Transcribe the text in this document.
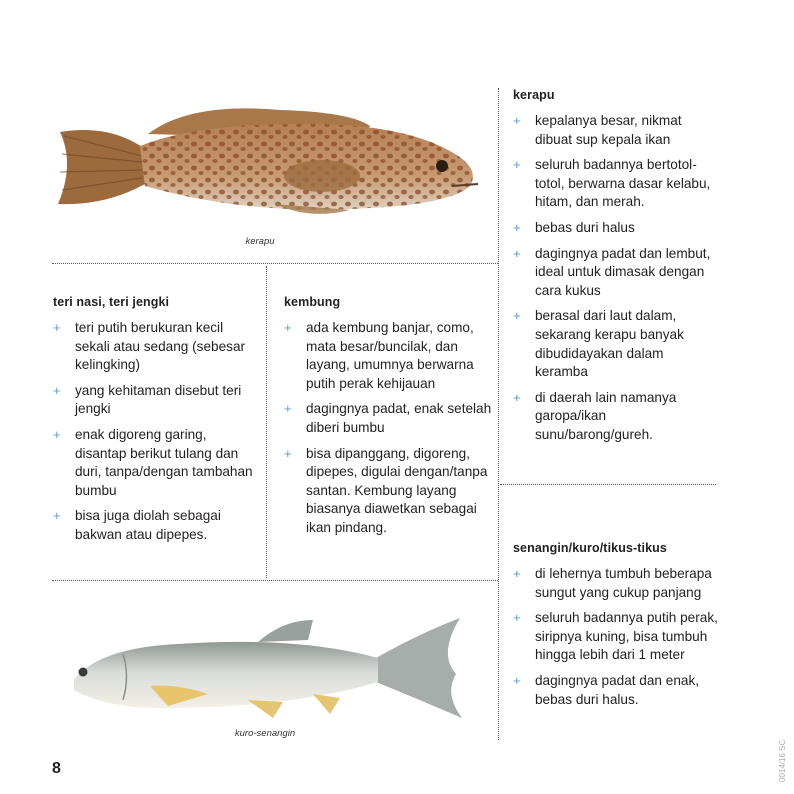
kerapu
kuro-senangin
kerapu
+ kepalanya besar, nikmat dibuat sup kepala ikan
+ seluruh badannya bertotol-totol, berwarna dasar kelabu, hitam, dan merah.
+ bebas duri halus
+ dagingnya padat dan lembut, ideal untuk dimasak dengan cara kukus
+ berasal dari laut dalam, sekarang kerapu banyak dibudidayakan dalam keramba
+ di daerah lain namanya garopa/ikan sunu/barong/gureh.
teri nasi, teri jengki
+ teri putih berukuran kecil sekali atau sedang (sebesar kelingking)
+ yang kehitaman disebut teri jengki
+ enak digoreng garing, disantap berikut tulang dan duri, tanpa/dengan tambahan bumbu
+ bisa juga diolah sebagai bakwan atau dipepes.
kembung
+ ada kembung banjar, como, mata besar/buncilak, dan layang, umumnya berwarna putih perak kehijauan
+ dagingnya padat, enak setelah diberi bumbu
+ bisa dipanggang, digoreng, dipepes, digulai dengan/tanpa santan. Kembung layang biasanya diawetkan sebagai ikan pindang.
senangin/kuro/tikus-tikus
+ di lehernya tumbuh beberapa sungut yang cukup panjang
+ seluruh badannya putih perak, siripnya kuning, bisa tumbuh hingga lebih dari 1 meter
+ dagingnya padat dan enak, bebas duri halus.
8	0014/16 SC
